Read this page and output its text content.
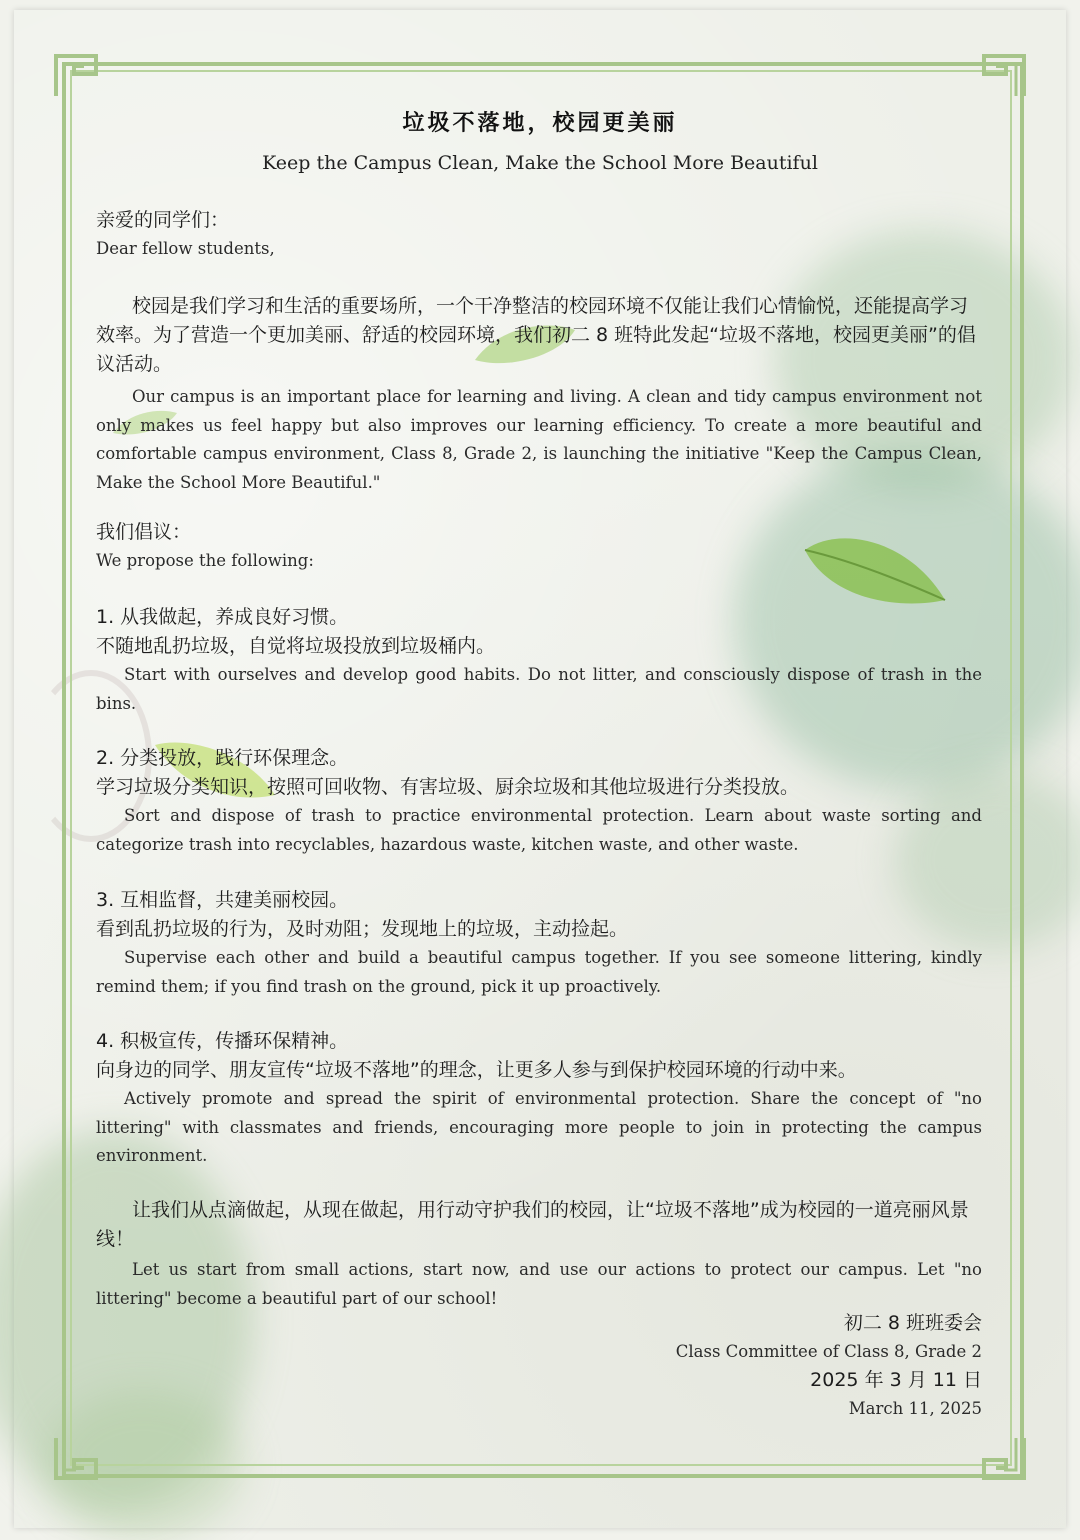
垃圾不落地，校园更美丽
Keep the Campus Clean, Make the School More Beautiful

亲爱的同学们：

Dear fellow students,

校园是我们学习和生活的重要场所，一个干净整洁的校园环境不仅能让我们心情愉悦，还能提高学习效率。为了营造一个更加美丽、舒适的校园环境，我们初二 8 班特此发起“垃圾不落地，校园更美丽”的倡议活动。

Our campus is an important place for learning and living. A clean and tidy campus environment not only makes us feel happy but also improves our learning efficiency. To create a more beautiful and comfortable campus environment, Class 8, Grade 2, is launching the initiative "Keep the Campus Clean, Make the School More Beautiful."

我们倡议：

We propose the following:

1. 从我做起，养成良好习惯。

不随地乱扔垃圾，自觉将垃圾投放到垃圾桶内。

Start with ourselves and develop good habits. Do not litter, and consciously dispose of trash in the bins.

2. 分类投放，践行环保理念。

学习垃圾分类知识，按照可回收物、有害垃圾、厨余垃圾和其他垃圾进行分类投放。

Sort and dispose of trash to practice environmental protection. Learn about waste sorting and categorize trash into recyclables, hazardous waste, kitchen waste, and other waste.

3. 互相监督，共建美丽校园。

看到乱扔垃圾的行为，及时劝阻；发现地上的垃圾，主动捡起。

Supervise each other and build a beautiful campus together. If you see someone littering, kindly remind them; if you find trash on the ground, pick it up proactively.

4. 积极宣传，传播环保精神。

向身边的同学、朋友宣传“垃圾不落地”的理念，让更多人参与到保护校园环境的行动中来。

Actively promote and spread the spirit of environmental protection. Share the concept of "no littering" with classmates and friends, encouraging more people to join in protecting the campus environment.

让我们从点滴做起，从现在做起，用行动守护我们的校园，让“垃圾不落地”成为校园的一道亮丽风景线！

Let us start from small actions, start now, and use our actions to protect our campus. Let "no littering" become a beautiful part of our school!

初二 8 班班委会

Class Committee of Class 8, Grade 2

2025 年 3 月 11 日

March 11, 2025
